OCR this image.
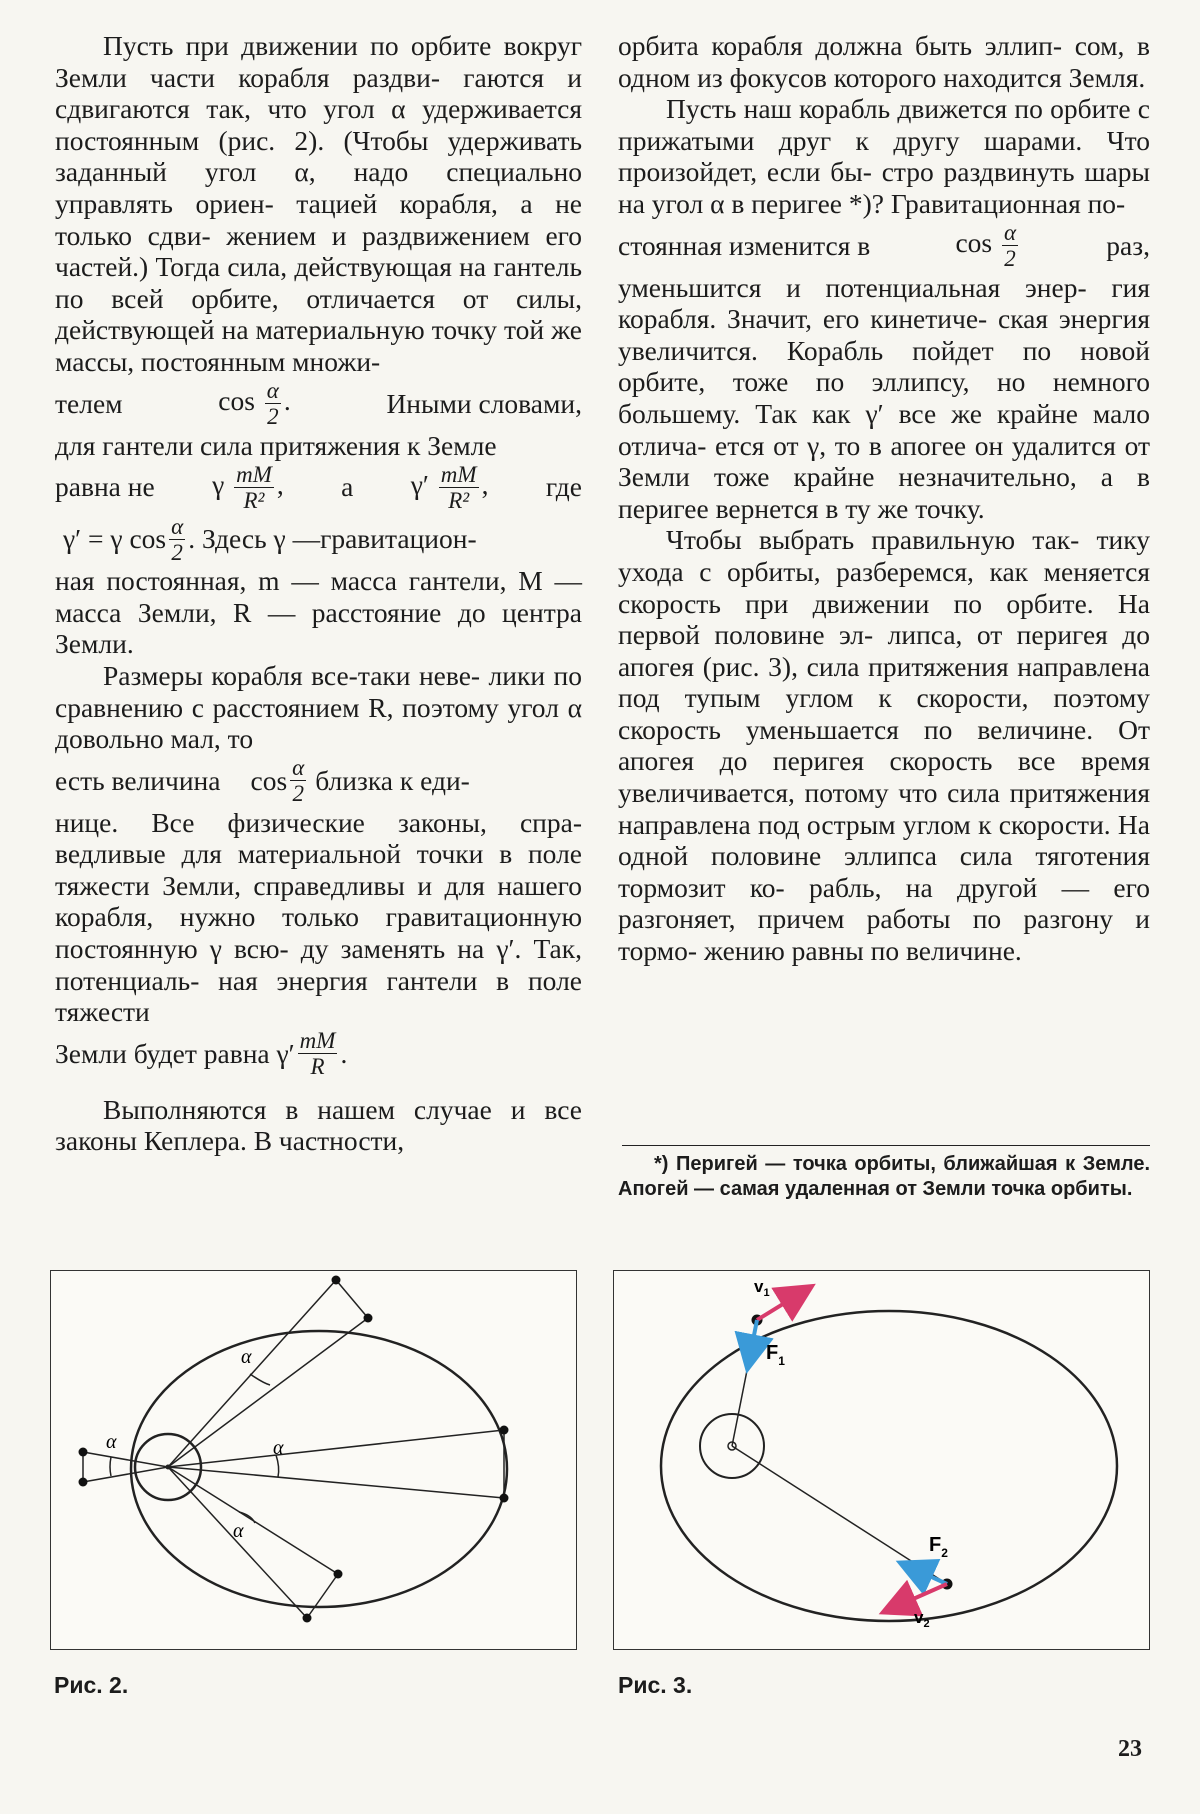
Пусть при движении по орбите вокруг Земли части корабля раздви- гаются и сдвигаются так, что угол α удерживается постоянным (рис. 2). (Чтобы удерживать заданный угол α, надо специально управлять ориен- тацией корабля, а не только сдви- жением и раздвижением его частей.) Тогда сила, действующая на гантель по всей орбите, отличается от силы, действующей на материальную точку той же массы, постоянным множи-

телем	$\cos \frac{\alpha}{2}$ .	Иными словами,

для гантели сила притяжения к Земле

равна не γ $\frac{mM}{\text{R²}}$ , а $\gamma' \frac{mM}{\text{R²}}$ , где
γ′ = γ $\cos \frac{\alpha}{2}$ . Здесь γ —гравитацион-

ная постоянная, m — масса гантели, M — масса Земли, R — расстояние до центра Земли.

Размеры корабля все-таки неве- лики по сравнению с расстоянием R, поэтому угол α довольно мал, то

есть величина $\cos \frac{\alpha}{2}$ близка к еди-

нице. Все физические законы, спра- ведливые для материальной точки в поле тяжести Земли, справедливы и для нашего корабля, нужно только гравитационную постоянную γ всю- ду заменять на γ′. Так, потенциаль- ная энергия гантели в поле тяжести

Земли будет равна $\gamma' \frac{mM}{R}$ .

Выполняются в нашем случае и все законы Кеплера. В частности,

орбита корабля должна быть эллип- сом, в одном из фокусов которого находится Земля.

Пусть наш корабль движется по орбите с прижатыми друг к другу шарами. Что произойдет, если бы- стро раздвинуть шары на угол α в перигее *)? Гравитационная по-

стоянная изменится в	$\cos \frac{\alpha}{2}$	раз,

уменьшится и потенциальная энер- гия корабля. Значит, его кинетиче- ская энергия увеличится. Корабль пойдет по новой орбите, тоже по эллипсу, но немного большему. Так как γ′ все же крайне мало отлича- ется от γ, то в апогее он удалится от Земли тоже крайне незначительно, а в перигее вернется в ту же точку.

Чтобы выбрать правильную так- тику ухода с орбиты, разберемся, как меняется скорость при движении по орбите. На первой половине эл- липса, от перигея до апогея (рис. 3), сила притяжения направлена под тупым углом к скорости, поэтому скорость уменьшается по величине. От апогея до перигея скорость все время увеличивается, потому что сила притяжения направлена под острым углом к скорости. На одной половине эллипса сила тяготения тормозит ко- рабль, на другой — его разгоняет, причем работы по разгону и тормо- жению равны по величине.

*) Перигей — точка орбиты, ближайшая к Земле. Апогей — самая удаленная от Земли точка орбиты.

α
α
α
α
Рис. 2.
$v_1$
$F_1$
$F_2$
$v_2$
Рис. 3.
23
